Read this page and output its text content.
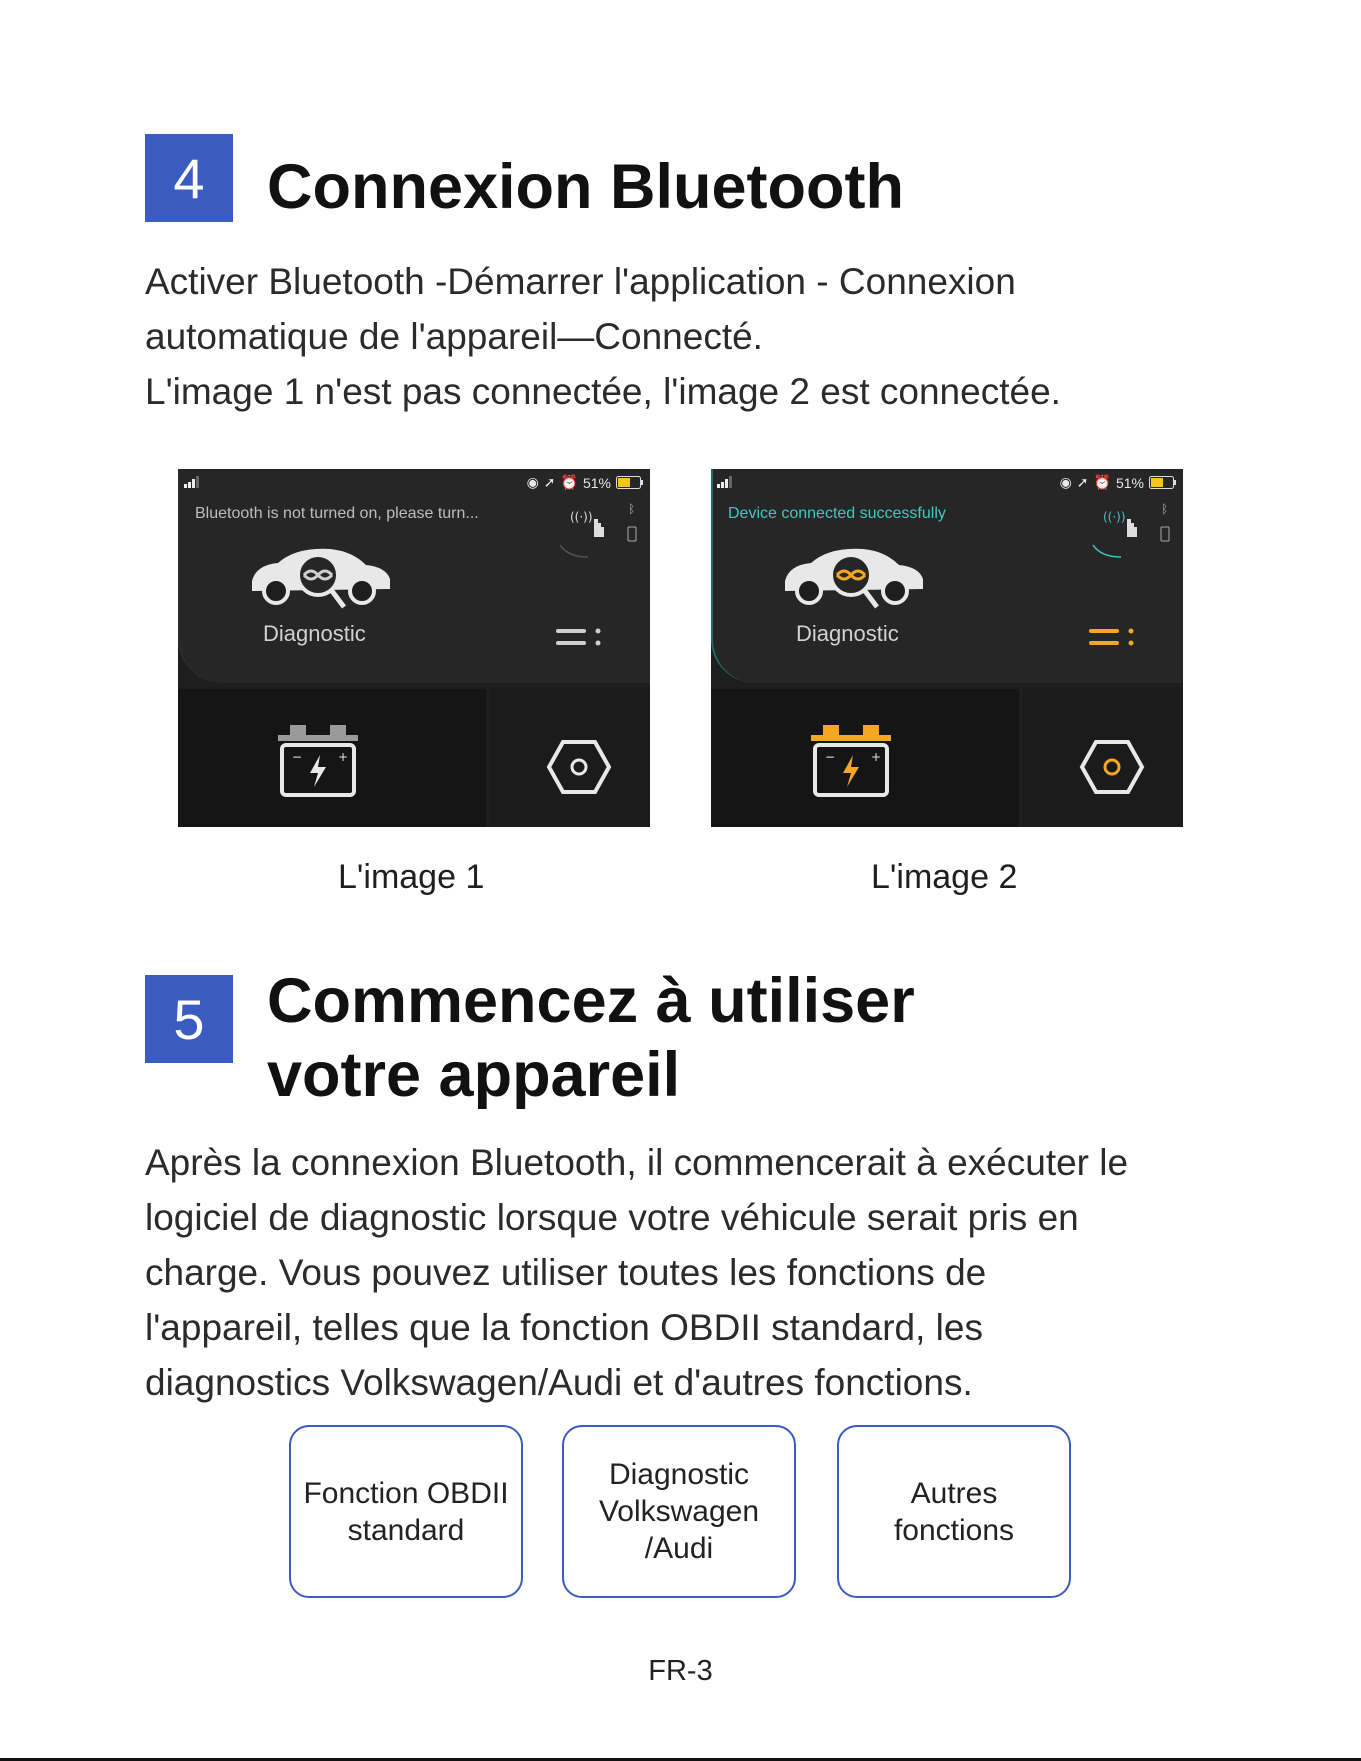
4 Connexion Bluetooth
Activer Bluetooth -Démarrer l'application - Connexion
automatique de l'appareil—Connecté.
L'image 1 n'est pas connectée, l'image 2 est connectée.
◉ ➚ ⏰ 51%
Bluetooth is not turned on, please turn...	((·))
ᛒ
Diagnostic
−	+
◉ ➚ ⏰ 51%
Device connected successfully	((·))
ᛒ
Diagnostic
−	+
L'image 1	L'image 2
5 Commencez à utiliser
votre appareil
Après la connexion Bluetooth, il commencerait à exécuter le
logiciel de diagnostic lorsque votre véhicule serait pris en
charge. Vous pouvez utiliser toutes les fonctions de
l'appareil, telles que la fonction OBDII standard, les
diagnostics Volkswagen/Audi et d'autres fonctions.
Fonction OBDII
standard
Diagnostic
Volkswagen
/Audi
Autres
fonctions
FR-3
